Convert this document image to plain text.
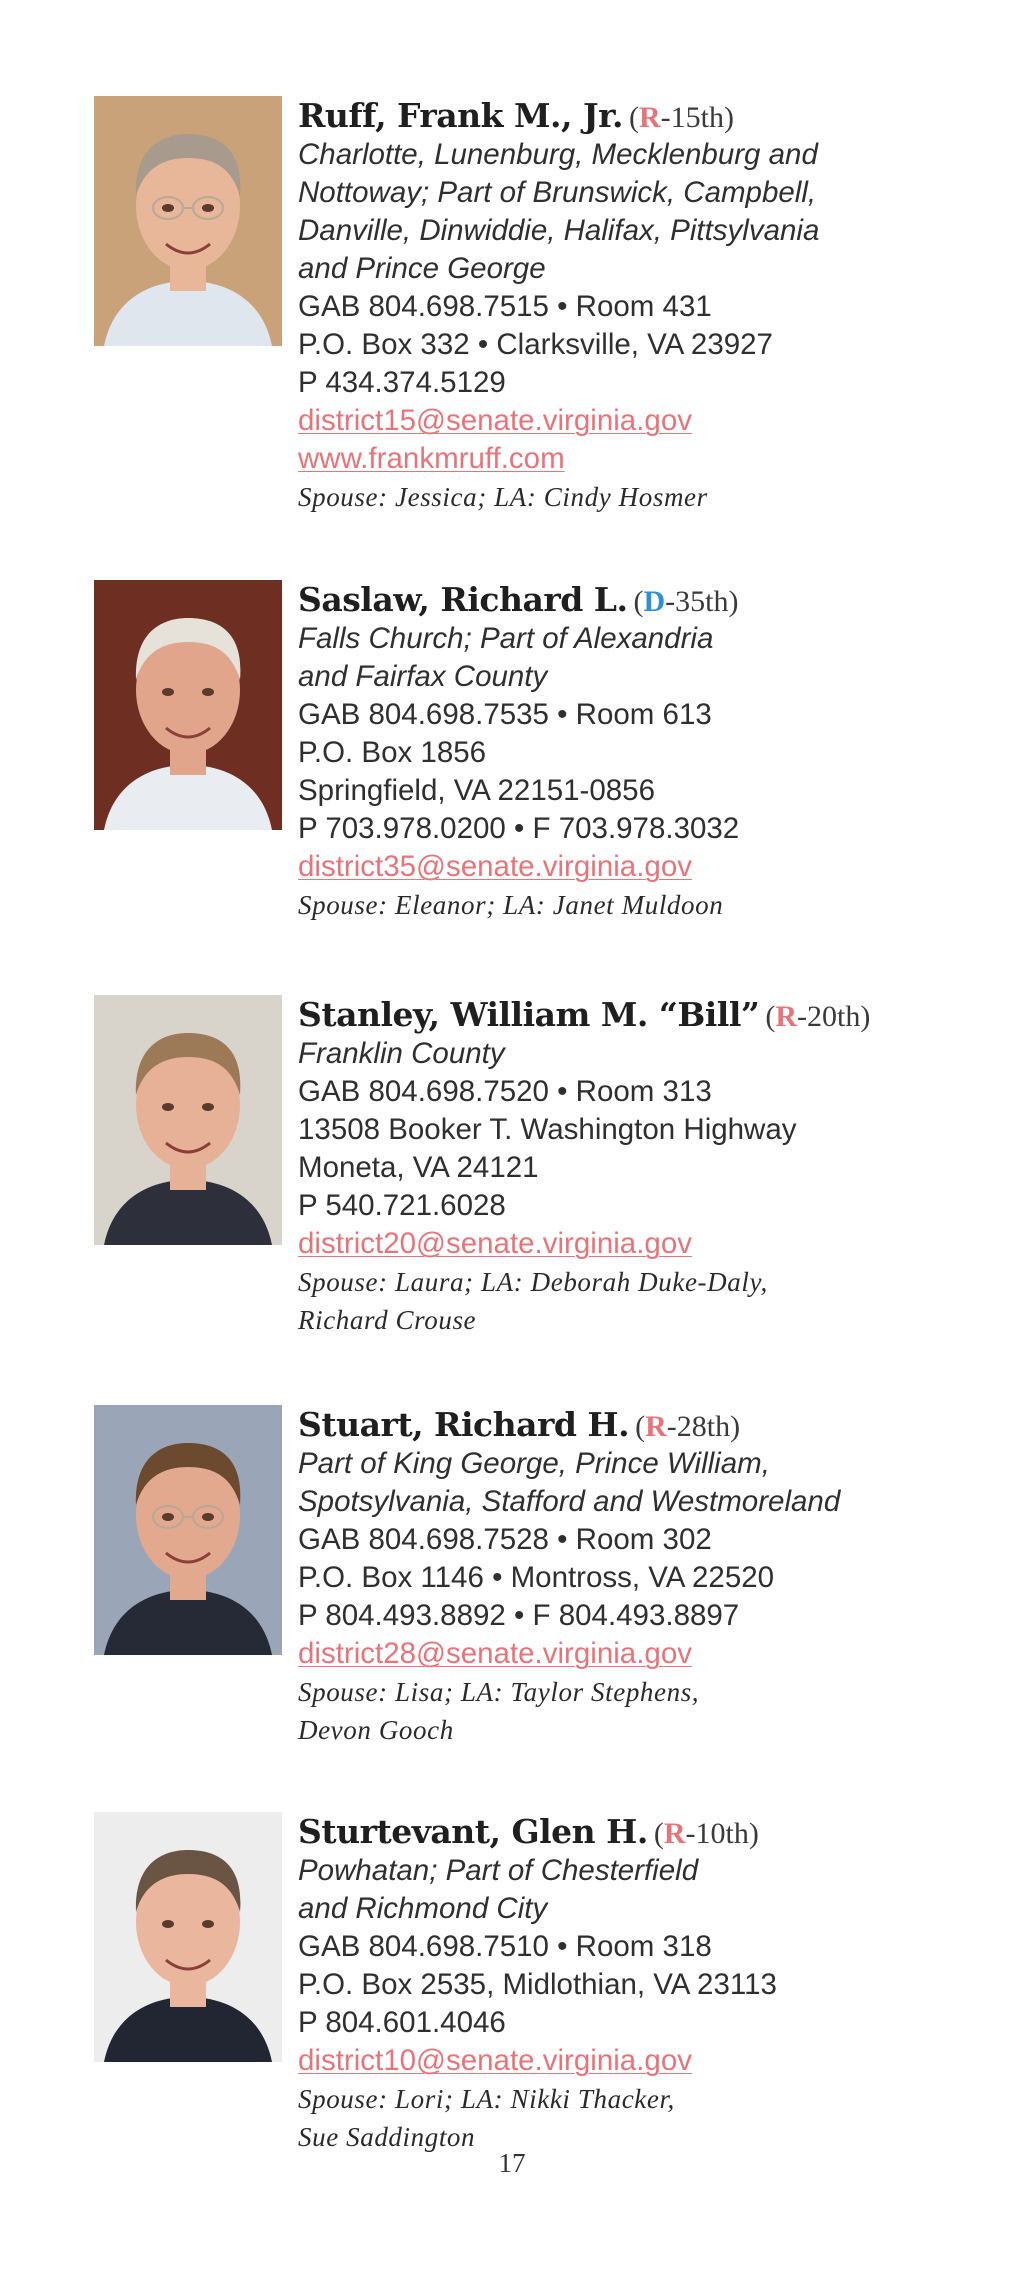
Ruff, Frank M., Jr. (R-15th)
Charlotte, Lunenburg, Mecklenburg and
Nottoway; Part of Brunswick, Campbell,
Danville, Dinwiddie, Halifax, Pittsylvania
and Prince George
GAB 804.698.7515 • Room 431
P.O. Box 332 • Clarksville, VA 23927
P 434.374.5129
district15@senate.virginia.gov
www.frankmruff.com
Spouse: Jessica; LA: Cindy Hosmer
Saslaw, Richard L. (D-35th)
Falls Church; Part of Alexandria
and Fairfax County
GAB 804.698.7535 • Room 613
P.O. Box 1856
Springfield, VA 22151-0856
P 703.978.0200 • F 703.978.3032
district35@senate.virginia.gov
Spouse: Eleanor; LA: Janet Muldoon
Stanley, William M. “Bill” (R-20th)
Franklin County
GAB 804.698.7520 • Room 313
13508 Booker T. Washington Highway
Moneta, VA 24121
P 540.721.6028
district20@senate.virginia.gov
Spouse: Laura; LA: Deborah Duke-Daly,
Richard Crouse
Stuart, Richard H. (R-28th)
Part of King George, Prince William,
Spotsylvania, Stafford and Westmoreland
GAB 804.698.7528 • Room 302
P.O. Box 1146 • Montross, VA 22520
P 804.493.8892 • F 804.493.8897
district28@senate.virginia.gov
Spouse: Lisa; LA: Taylor Stephens,
Devon Gooch
Sturtevant, Glen H. (R-10th)
Powhatan; Part of Chesterfield
and Richmond City
GAB 804.698.7510 • Room 318
P.O. Box 2535, Midlothian, VA 23113
P 804.601.4046
district10@senate.virginia.gov
Spouse: Lori; LA: Nikki Thacker,
Sue Saddington
17
